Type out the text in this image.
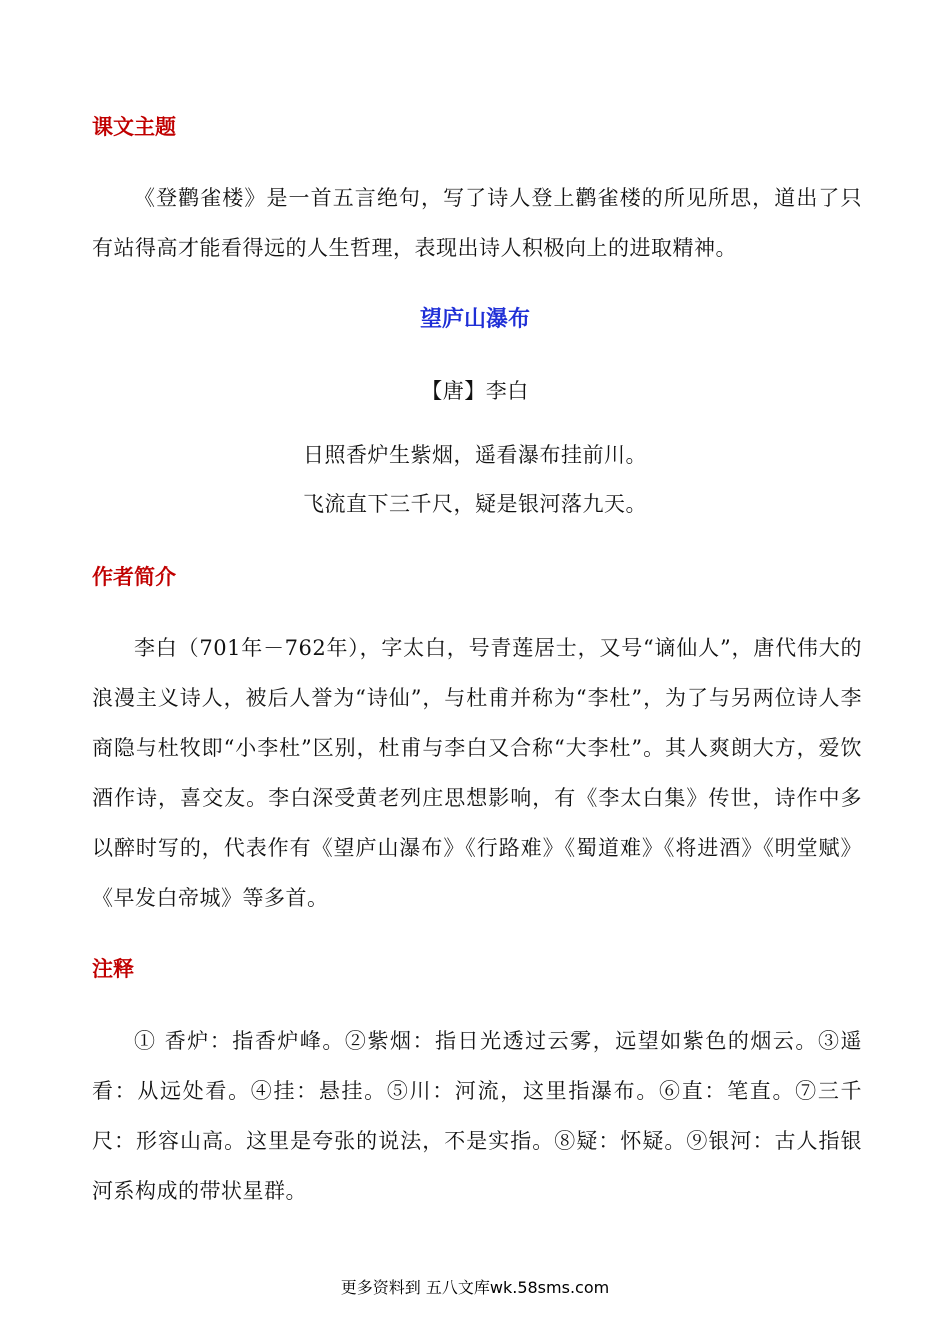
课文主题

《登鹳雀楼》是一首五言绝句，写了诗人登上鹳雀楼的所见所思，道出了只有站得高才能看得远的人生哲理，表现出诗人积极向上的进取精神。

望庐山瀑布

【唐】李白

日照香炉生紫烟，遥看瀑布挂前川。

飞流直下三千尺，疑是银河落九天。

作者简介

李白（701年－762年），字太白，号青莲居士，又号“谪仙人”，唐代伟大的浪漫主义诗人，被后人誉为“诗仙”，与杜甫并称为“李杜”，为了与另两位诗人李商隐与杜牧即“小李杜”区别，杜甫与李白又合称“大李杜”。其人爽朗大方，爱饮酒作诗，喜交友。李白深受黄老列庄思想影响，有《李太白集》传世，诗作中多以醉时写的，代表作有《望庐山瀑布》《行路难》《蜀道难》《将进酒》《明堂赋》《早发白帝城》等多首。

注释

① 香炉：指香炉峰。②紫烟：指日光透过云雾，远望如紫色的烟云。③遥看：从远处看。④挂：悬挂。⑤川：河流，这里指瀑布。⑥直：笔直。⑦三千尺：形容山高。这里是夸张的说法，不是实指。⑧疑：怀疑。⑨银河：古人指银河系构成的带状星群。

更多资料到 五八文库wk.58sms.com
